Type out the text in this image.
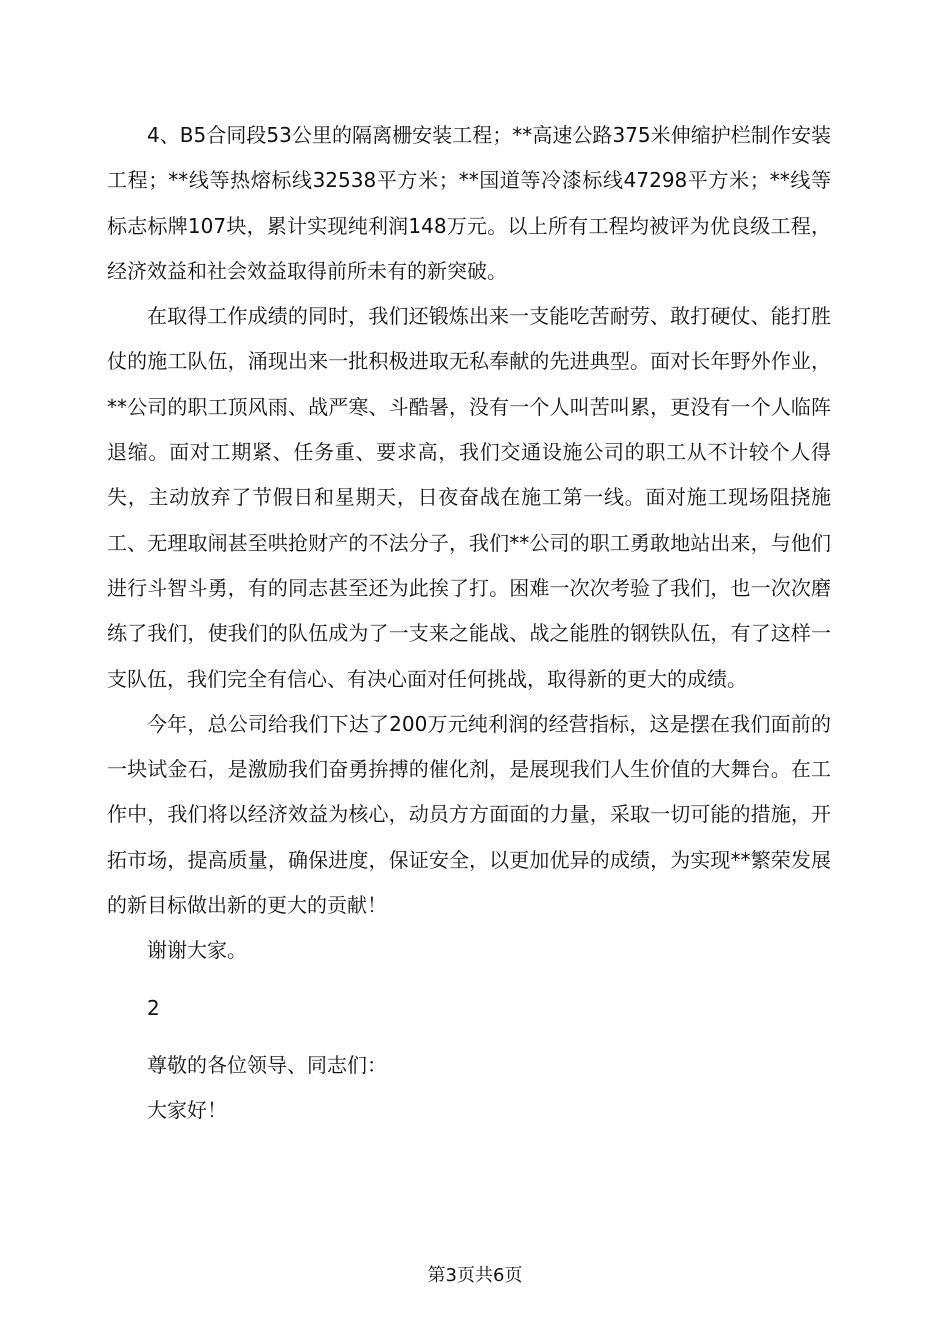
4、B5合同段53公里的隔离栅安装工程；**高速公路375米伸缩护栏制作安装工程；**线等热熔标线32538平方米；**国道等冷漆标线47298平方米；**线等标志标牌107块，累计实现纯利润148万元。以上所有工程均被评为优良级工程，经济效益和社会效益取得前所未有的新突破。

在取得工作成绩的同时，我们还锻炼出来一支能吃苦耐劳、敢打硬仗、能打胜仗的施工队伍，涌现出来一批积极进取无私奉献的先进典型。面对长年野外作业，**公司的职工顶风雨、战严寒、斗酷暑，没有一个人叫苦叫累，更没有一个人临阵退缩。面对工期紧、任务重、要求高，我们交通设施公司的职工从不计较个人得失，主动放弃了节假日和星期天，日夜奋战在施工第一线。面对施工现场阻挠施工、无理取闹甚至哄抢财产的不法分子，我们**公司的职工勇敢地站出来，与他们进行斗智斗勇，有的同志甚至还为此挨了打。困难一次次考验了我们，也一次次磨练了我们，使我们的队伍成为了一支来之能战、战之能胜的钢铁队伍，有了这样一支队伍，我们完全有信心、有决心面对任何挑战，取得新的更大的成绩。

今年，总公司给我们下达了200万元纯利润的经营指标，这是摆在我们面前的一块试金石，是激励我们奋勇拚搏的催化剂，是展现我们人生价值的大舞台。在工作中，我们将以经济效益为核心，动员方方面面的力量，采取一切可能的措施，开拓市场，提高质量，确保进度，保证安全，以更加优异的成绩，为实现**繁荣发展的新目标做出新的更大的贡献！

谢谢大家。

2

尊敬的各位领导、同志们：

大家好！

第3页共6页
